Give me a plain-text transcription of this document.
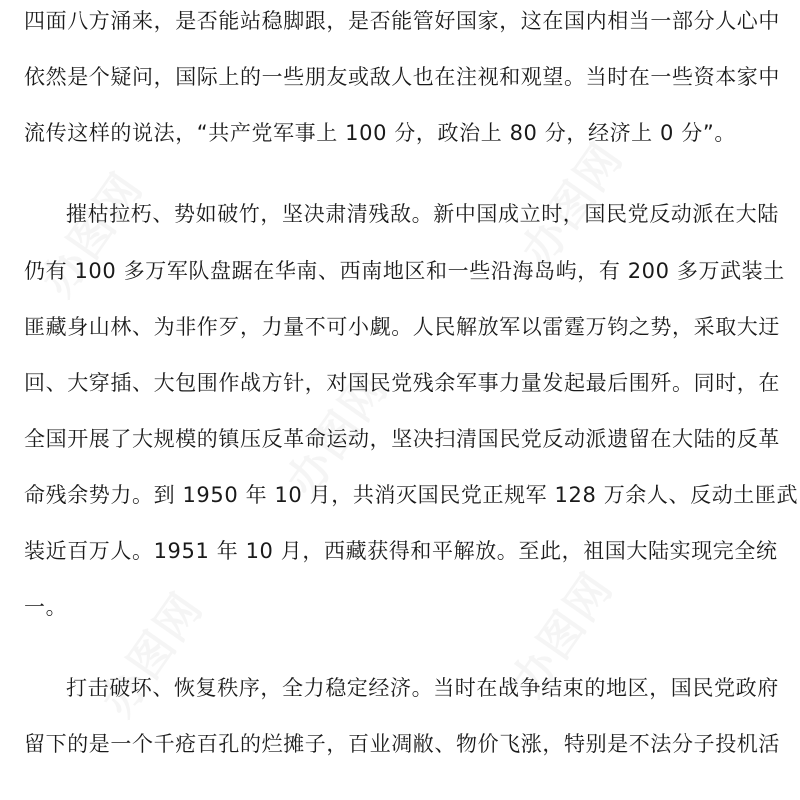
办图网
办图网
办图网	办图网
办图网
四面八方涌来，是否能站稳脚跟，是否能管好国家，这在国内相当一部分人心中
依然是个疑问，国际上的一些朋友或敌人也在注视和观望。当时在一些资本家中
流传这样的说法，“共产党军事上 100 分，政治上 80 分，经济上 0 分”。
摧枯拉朽、势如破竹，坚决肃清残敌。新中国成立时，国民党反动派在大陆
仍有 100 多万军队盘踞在华南、西南地区和一些沿海岛屿，有 200 多万武装土
匪藏身山林、为非作歹，力量不可小觑。人民解放军以雷霆万钧之势，采取大迂
回、大穿插、大包围作战方针，对国民党残余军事力量发起最后围歼。同时，在
全国开展了大规模的镇压反革命运动，坚决扫清国民党反动派遗留在大陆的反革
命残余势力。到 1950 年 10 月，共消灭国民党正规军 128 万余人、反动土匪武
装近百万人。1951 年 10 月，西藏获得和平解放。至此，祖国大陆实现完全统
一。
打击破坏、恢复秩序，全力稳定经济。当时在战争结束的地区，国民党政府
留下的是一个千疮百孔的烂摊子，百业凋敝、物价飞涨，特别是不法分子投机活
